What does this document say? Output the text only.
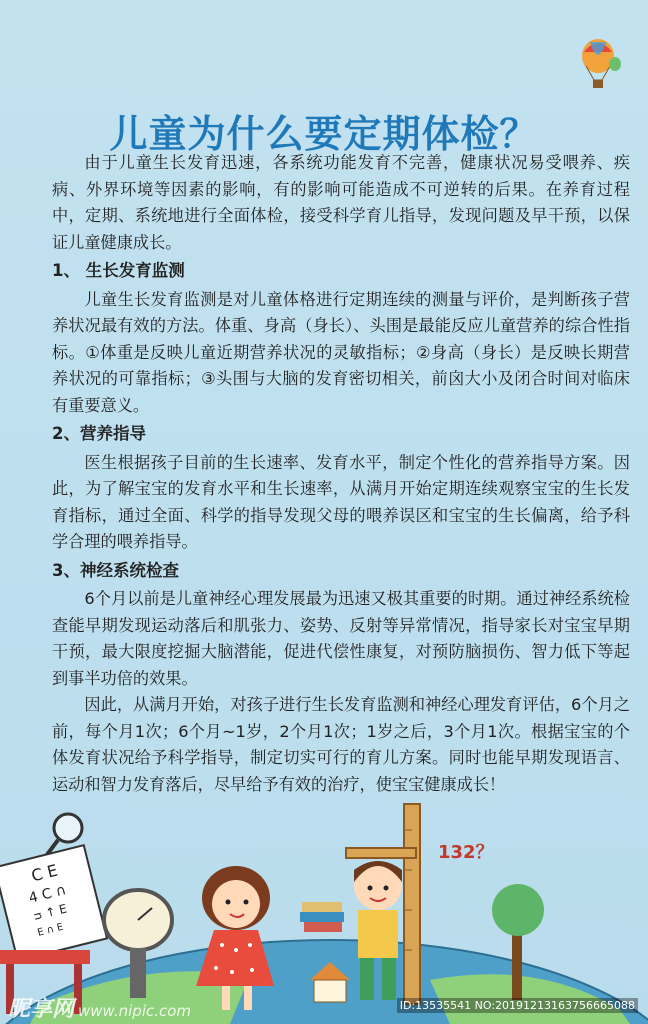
儿童为什么要定期体检？

由于儿童生长发育迅速，各系统功能发育不完善，健康状况易受喂养、疾病、外界环境等因素的影响，有的影响可能造成不可逆转的后果。在养育过程中，定期、系统地进行全面体检，接受科学育儿指导，发现问题及早干预，以保证儿童健康成长。

1、 生长发育监测

儿童生长发育监测是对儿童体格进行定期连续的测量与评价，是判断孩子营养状况最有效的方法。体重、身高（身长）、头围是最能反应儿童营养的综合性指标。①体重是反映儿童近期营养状况的灵敏指标；②身高（身长）是反映长期营养状况的可靠指标；③头围与大脑的发育密切相关，前囟大小及闭合时间对临床有重要意义。

2、营养指导

医生根据孩子目前的生长速率、发育水平，制定个性化的营养指导方案。因此，为了解宝宝的发育水平和生长速率，从满月开始定期连续观察宝宝的生长发育指标，通过全面、科学的指导发现父母的喂养误区和宝宝的生长偏离，给予科学合理的喂养指导。

3、神经系统检查

6个月以前是儿童神经心理发展最为迅速又极其重要的时期。通过神经系统检查能早期发现运动落后和肌张力、姿势、反射等异常情况，指导家长对宝宝早期干预，最大限度挖掘大脑潜能，促进代偿性康复，对预防脑损伤、智力低下等起到事半功倍的效果。

因此，从满月开始，对孩子进行生长发育监测和神经心理发育评估，6个月之前，每个月1次；6个月~1岁，2个月1次；1岁之后，3个月1次。根据宝宝的个体发育状况给予科学指导，制定切实可行的育儿方案。同时也能早期发现语言、运动和智力发育落后，尽早给予有效的治疗，使宝宝健康成长！

C E
4 C ∩
ᴝ ↑ E
E ∩ E
132？
昵享网 www.nipic.com	ID:13535541 NO:20191213163756665088
